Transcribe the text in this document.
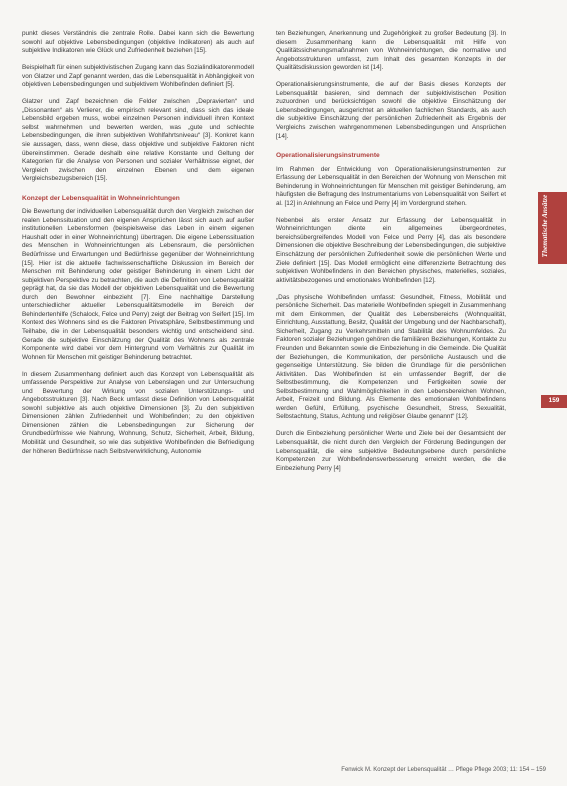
punkt dieses Verständnis die zentrale Rolle. Dabei kann sich die Bewertung sowohl auf objektive Lebensbedingungen (objektive Indikatoren) als auch auf subjektive Indikatoren wie Glück und Zufriedenheit beziehen [15].

Beispielhaft für einen subjektivistischen Zugang kann das Sozialindikatorenmodell von Glatzer und Zapf genannt werden, das die Lebensqualität in Abhängigkeit von objektiven Lebensbedingungen und subjektivem Wohlbefinden definiert [5].

Glatzer und Zapf bezeichnen die Felder zwischen „Depravierten“ und „Dissonanten“ als Verlierer, die empirisch relevant sind, dass sich das ideale Lebensbild ergeben muss, wobei einzelnen Personen individuell ihren Kontext selbst wahrnehmen und bewerten werden, was „gute und schlechte Lebensbedingungen, die ihren subjektiven Wohlfahrtsniveau“ [3]. Konkret kann sie aussagen, dass, wenn diese, dass objektive und subjektive Faktoren nicht übereinstimmen. Gerade deshalb eine relative Konstante und Geltung der Kategorien für die Analyse von Personen und sozialer Verhältnisse eignet, der Vergleich zwischen den einzelnen Ebenen und dem eigenen Vergleichsbezugsbereich [15].

Konzept der Lebensqualität in Wohneinrichtungen

Die Bewertung der individuellen Lebensqualität durch den Vergleich zwischen der realen Lebenssituation und den eigenen Ansprüchen lässt sich auch auf außer institutionellen Lebensformen (beispielsweise das Leben in einem eigenen Haushalt oder in einer Wohneinrichtung) übertragen. Die eigene Lebenssituation des Menschen in Wohneinrichtungen als Lebensraum, die persönlichen Bedürfnisse und Erwartungen und Bedürfnisse gegenüber der Wohneinrichtung [15]. Hier ist die aktuelle fachwissenschaftliche Diskussion im Bereich der Menschen mit Behinderung oder geistiger Behinderung in einem Licht der subjektiven Perspektive zu betrachten, die auch die Definition von Lebensqualität geprägt hat, da sie das Modell der objektiven Lebensqualität und die Bewertung durch den Bewohner einbezieht [7]. Eine nachhaltige Darstellung unterschiedlicher aktueller Lebensqualitätsmodelle im Bereich der Behindertenhilfe (Schalock, Felce und Perry) zeigt der Beitrag von Seifert [15]. Im Kontext des Wohnens sind es die Faktoren Privatsphäre, Selbstbestimmung und Teilhabe, die in der Lebensqualität besonders wichtig und entscheidend sind. Gerade die subjektive Einschätzung der Qualität des Wohnens als zentrale Komponente wird dabei vor dem Hintergrund vom Verhältnis zur Qualität im Wohnen für Menschen mit geistiger Behinderung betrachtet.

In diesem Zusammenhang definiert auch das Konzept von Lebensqualität als umfassende Perspektive zur Analyse von Lebenslagen und zur Untersuchung und Bewertung der Wirkung von sozialen Unterstützungs- und Angebotsstrukturen [3]. Nach Beck umfasst diese Definition von Lebensqualität sowohl subjektive als auch objektive Dimensionen [3]. Zu den subjektiven Dimensionen zählen Zufriedenheit und Wohlbefinden; zu den objektiven Dimensionen zählen die Lebensbedingungen zur Sicherung der Grundbedürfnisse wie Nahrung, Wohnung, Schutz, Sicherheit, Arbeit, Bildung, Mobilität und Gesundheit, so wie das subjektive Wohlbefinden die Befriedigung der höheren Bedürfnisse nach Selbstverwirklichung, Autonomie

ten Beziehungen, Anerkennung und Zugehörigkeit zu großer Bedeutung [3]. In diesem Zusammenhang kann die Lebensqualität mit Hilfe von Qualitätssicherungsmaßnahmen von Wohneinrichtungen, die normative und Angebotsstrukturen umfasst, zum Inhalt des gesamten Konzepts in der Qualitätsdiskussion geworden ist [14].

Operationalisierungsinstrumente, die auf der Basis dieses Konzepts der Lebensqualität basieren, sind demnach der subjektivistischen Position zuzuordnen und berücksichtigen sowohl die objektive Einschätzung der Lebensbedingungen, ausgerichtet an aktuellen fachlichen Standards, als auch die subjektive Einschätzung der persönlichen Zufriedenheit als Ergebnis der Vergleichs zwischen wahrgenommenen Lebensbedingungen und Ansprüchen [14].

Operationalisierungsinstrumente

Im Rahmen der Entwicklung von Operationalisierungsinstrumenten zur Erfassung der Lebensqualität in den Bereichen der Wohnung von Menschen mit Behinderung in Wohneinrichtungen für Menschen mit geistiger Behinderung, am häufigsten die Befragung des Instrumentariums von Lebensqualität von Seifert et al. [12] in Anlehnung an Felce und Perry [4] im Vordergrund stehen.

Nebenbei als erster Ansatz zur Erfassung der Lebensqualität in Wohneinrichtungen diente ein allgemeines übergeordnetes, bereichsübergreifendes Modell von Felce und Perry [4], das als besondere Dimensionen die objektive Beschreibung der Lebensbedingungen, die subjektive Einschätzung der persönlichen Zufriedenheit sowie die persönlichen Werte und Ziele definiert [15]. Das Modell ermöglicht eine differenzierte Betrachtung des subjektiven Wohlbefindens in den Bereichen physisches, materielles, soziales, aktivitätsbezogenes und emotionales Wohlbefinden [12].

„Das physische Wohlbefinden umfasst: Gesundheit, Fitness, Mobilität und persönliche Sicherheit. Das materielle Wohlbefinden spiegelt in Zusammenhang mit dem Einkommen, der Qualität des Lebensbereichs (Wohnqualität, Einrichtung, Ausstattung, Besitz, Qualität der Umgebung und der Nachbarschaft), Sicherheit, Zugang zu Verkehrsmitteln und Stabilität des Wohnumfeldes. Zu Faktoren sozialer Beziehungen gehören die familiären Beziehungen, Kontakte zu Freunden und Bekannten sowie die Einbeziehung in die Gemeinde. Die Qualität der Beziehungen, die Kommunikation, der persönliche Austausch und die gegenseitige Unterstützung. Sie bilden die Grundlage für die persönlichen Aktivitäten. Das Wohlbefinden ist ein umfassender Begriff, der die Selbstbestimmung, die Kompetenzen und Fertigkeiten sowie der Selbstbestimmung und Wahlmöglichkeiten in den Lebensbereichen Wohnen, Arbeit, Freizeit und Bildung. Als Elemente des emotionalen Wohlbefindens werden Gefühl, Erfüllung, psychische Gesundheit, Stress, Sexualität, Selbstachtung, Status, Achtung und religiöser Glaube genannt“ [12].

Durch die Einbeziehung persönlicher Werte und Ziele bei der Gesamtsicht der Lebensqualität, die nicht durch den Vergleich der Förderung Bedingungen der Lebensqualität, die eine subjektive Bedeutungsebene durch persönliche Kompetenzen zur Wohlbefindensverbesserung erreicht werden, die die Einbeziehung Perry [4]

Thematische Ansätze
159
Fenwick M. Konzept der Lebensqualität … Pflege Pflege 2003; 11: 154 – 159
